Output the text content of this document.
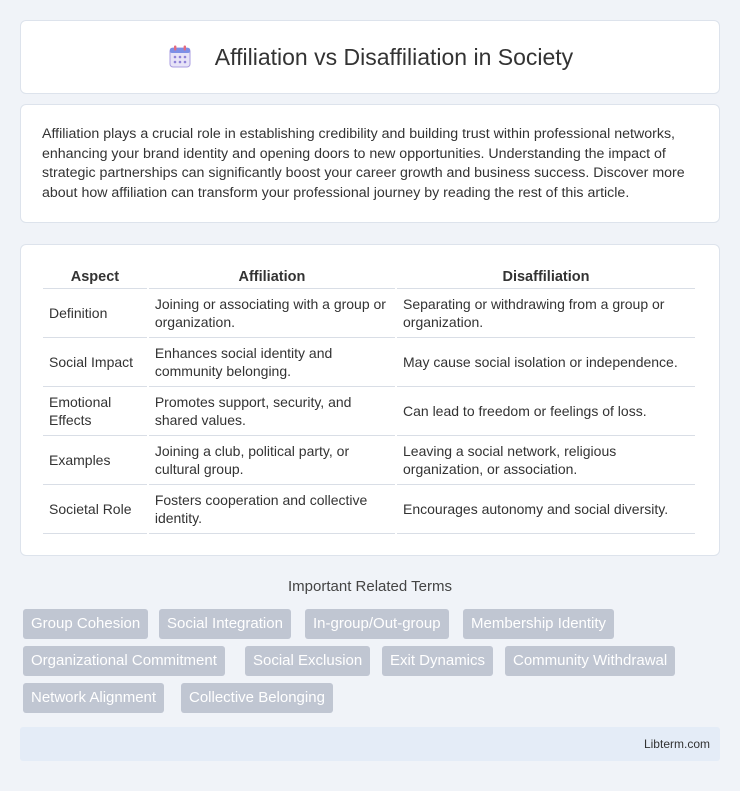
Affiliation vs Disaffiliation in Society

Affiliation plays a crucial role in establishing credibility and building trust within professional networks, enhancing your brand identity and opening doors to new opportunities. Understanding the impact of strategic partnerships can significantly boost your career growth and business success. Discover more about how affiliation can transform your professional journey by reading the rest of this article.

Aspect	Affiliation	Disaffiliation
Definition	Joining or associating with a group or organization.	Separating or withdrawing from a group or organization.
Social Impact	Enhances social identity and community belonging.	May cause social isolation or independence.
Emotional Effects	Promotes support, security, and shared values.	Can lead to freedom or feelings of loss.
Examples	Joining a club, political party, or cultural group.	Leaving a social network, religious organization, or association.
Societal Role	Fosters cooperation and collective identity.	Encourages autonomy and social diversity.
Important Related Terms
Group Cohesion	Social Integration	In-group/Out-group	Membership Identity
Organizational Commitment	Social Exclusion	Exit Dynamics	Community Withdrawal
Network Alignment	Collective Belonging
Libterm.com
